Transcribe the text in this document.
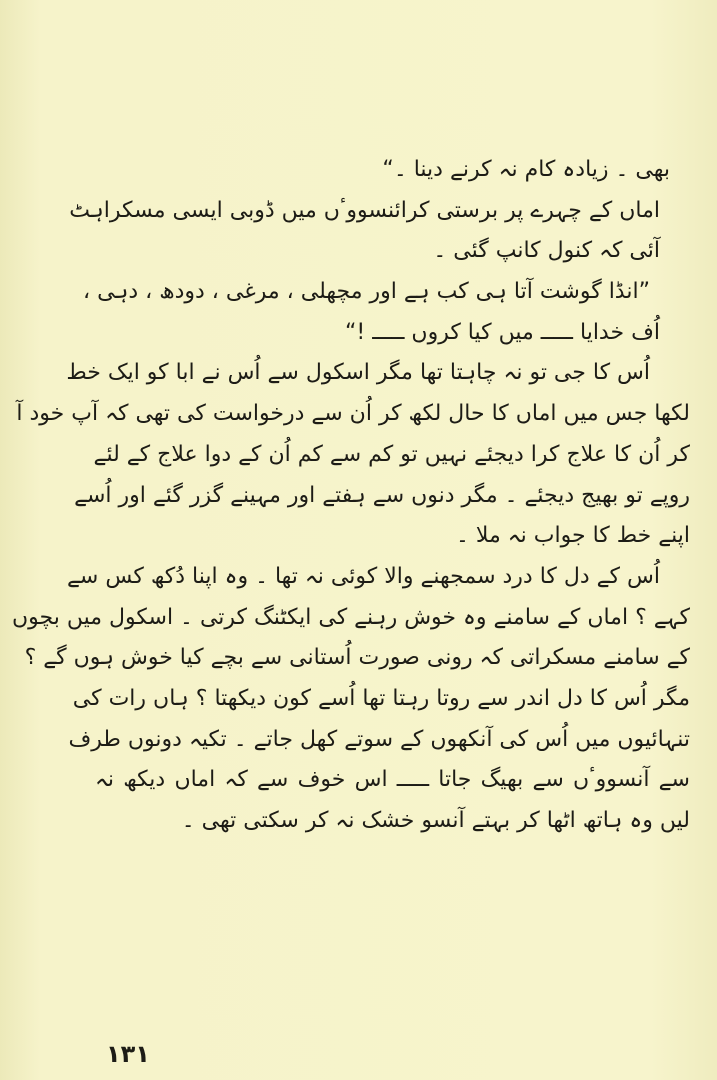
بھی ۔ زیادہ کام نہ کرنے دینا ۔“
اماں کے چہرے پر برستی کرائنسووٴں میں ڈوبی ایسی مسکراہٹ
آئی کہ کنول کانپ گئی ۔
”انڈا گوشت آتا ہی کب ہے اور مچھلی ، مرغی ، دودھ ، دہی ،
اُف خدایا ـــــ میں کیا کروں ـــــ !“
اُس کا جی تو نہ چاہتا تھا مگر اسکول سے اُس نے ابا کو ایک خط
لکھا جس میں اماں کا حال لکھ کر اُن سے درخواست کی تھی کہ آپ خود آ
کر اُن کا علاج کرا دیجئے نہیں تو کم سے کم اُن کے دوا علاج کے لئے
روپے تو بھیج دیجئے ۔ مگر دنوں سے ہفتے اور مہینے گزر گئے اور اُسے
اپنے خط کا جواب نہ ملا ۔
اُس کے دل کا درد سمجھنے والا کوئی نہ تھا ۔ وہ اپنا دُکھ کس سے
کہے ؟ اماں کے سامنے وہ خوش رہنے کی ایکٹنگ کرتی ۔ اسکول میں بچوں
کے سامنے مسکراتی کہ رونی صورت اُستانی سے بچے کیا خوش ہوں گے ؟
مگر اُس کا دل اندر سے روتا رہتا تھا اُسے کون دیکھتا ؟ ہاں رات کی
تنہائیوں میں اُس کی آنکھوں کے سوتے کھل جاتے ۔ تکیہ دونوں طرف
سے آنسووٴں سے بھیگ جاتا ـــــ اس خوف سے کہ اماں دیکھ نہ
لیں وہ ہاتھ اٹھا کر بہتے آنسو خشک نہ کر سکتی تھی ۔
۱۳۱
